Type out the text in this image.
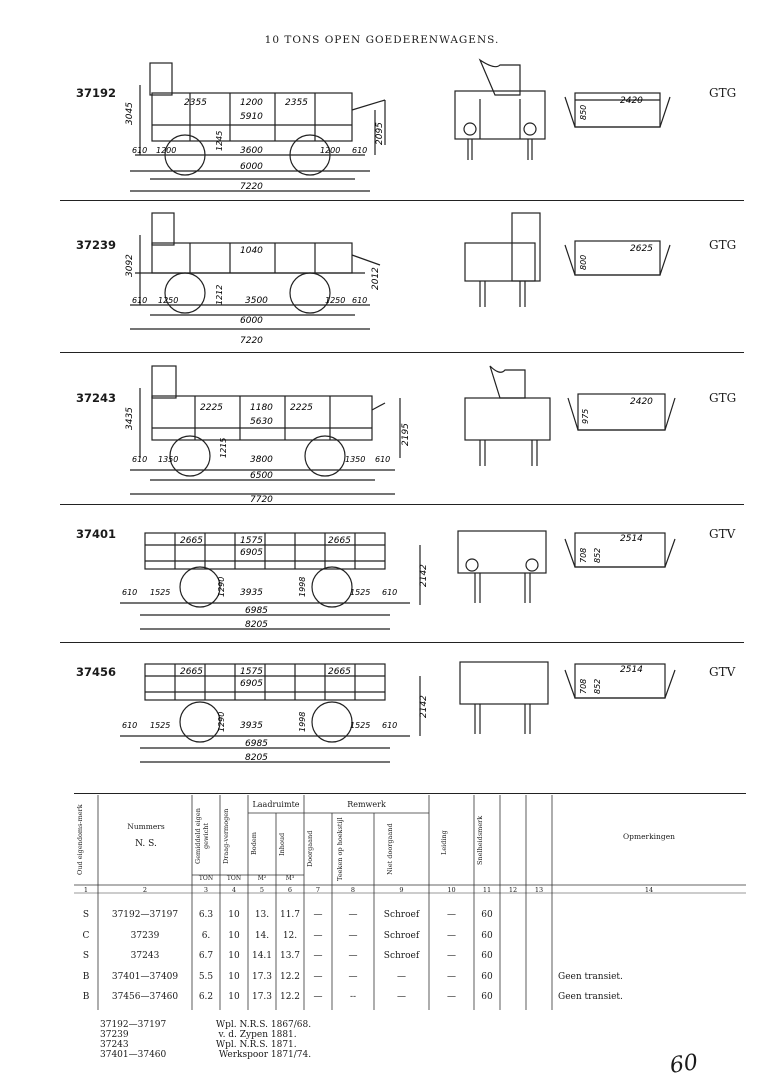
10 TONS OPEN GOEDERENWAGENS.
37192	GTG
2355	1200 2355
5910
3045
2095
1245
610 1200	3600	1200 610
6000
7220
2420
850
37239	GTG
1040
3092
2012
1212
610 1250	3500	1250 610
6000
7220
2625
800
37243	GTG
2225	1180 2225
5630
3435
2195
1215
610 1350	3800	1350 610
6500
7720
2420
975
37401	GTV
2665	1575	2665
6905
2142
1290	1998
610 1525	3935	1525 610
6985
8205
2514
708 852
37456	GTV
2665	1575	2665
6905
2142
1290	1998
610 1525	3935	1525 610
6985
8205
2514
708 852
Oud eigendoms-merk	Nummers
N. S.	Gemiddeld eigen gewicht	Draag-vermogen
Laadruimte
Bodem	Inhoud
Remwerk
Doorgaand	Teeken op hoekstijl	Niet doorgaand	Leiding	Snelheidsmerk	Opmerkingen
TON	TON	M²	M³
1	2	3	4	5	6	7	8	9	10	11	12	13	14
S	37192—37197	6.3	10	13.	11.7	—	—	Schroef	—	60
C	37239	6.	10	14.	12.	—	—	Schroef	—	60
S	37243	6.7	10	14.1 13.7	—	—	Schroef	—	60
B	37401—37409	5.5	10	17.3 12.2	—	—	—	—	60	Geen transiet.
B	37456—37460	6.2	10	17.3 12.2	—	--	—	—	60	Geen transiet.
37192—37197	Wpl. N.R.S. 1867/68.
37239	v. d. Zypen 1881.
37243	Wpl. N.R.S. 1871.
37401—37460	Werkspoor 1871/74.	60
